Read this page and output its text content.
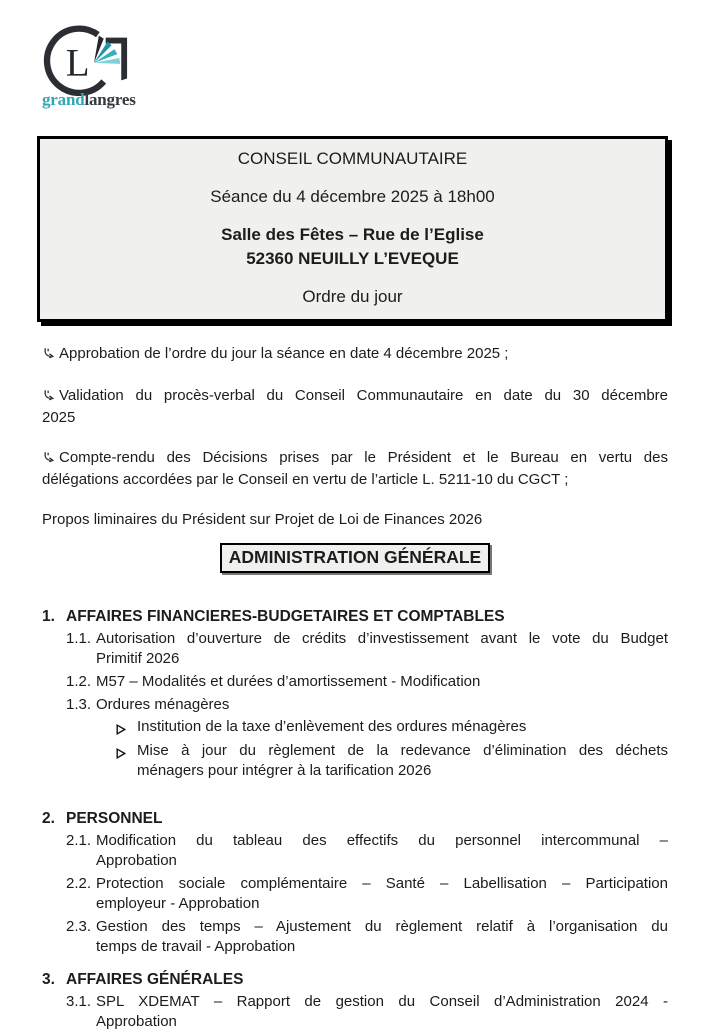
L
grandlangres
CONSEIL COMMUNAUTAIRE
Séance du 4 décembre 2025 à 18h00
Salle des Fêtes – Rue de l’Eglise
52360 NEUILLY L’EVEQUE
Ordre du jour
Approbation de l’ordre du jour la séance en date 4 décembre 2025 ;
Validation du procès-verbal du Conseil Communautaire en date du 30 décembre
2025
Compte-rendu des Décisions prises par le Président et le Bureau en vertu des
délégations accordées par le Conseil en vertu de l’article L. 5211-10 du CGCT ;
Propos liminaires du Président sur Projet de Loi de Finances 2026
ADMINISTRATION GÉNÉRALE
1. AFFAIRES FINANCIERES-BUDGETAIRES ET COMPTABLES
1.1. Autorisation d’ouverture de crédits d’investissement avant le vote du Budget
Primitif 2026
1.2. M57 – Modalités et durées d’amortissement - Modification
1.3. Ordures ménagères
Institution de la taxe d’enlèvement des ordures ménagères
Mise à jour du règlement de la redevance d’élimination des déchets
ménagers pour intégrer à la tarification 2026
2. PERSONNEL
2.1. Modification du tableau des effectifs du personnel intercommunal –
Approbation
2.2. Protection sociale complémentaire – Santé – Labellisation – Participation
employeur - Approbation
2.3. Gestion des temps – Ajustement du règlement relatif à l’organisation du
temps de travail - Approbation
3. AFFAIRES GÉNÉRALES
3.1. SPL XDEMAT – Rapport de gestion du Conseil d’Administration 2024 -
Approbation
